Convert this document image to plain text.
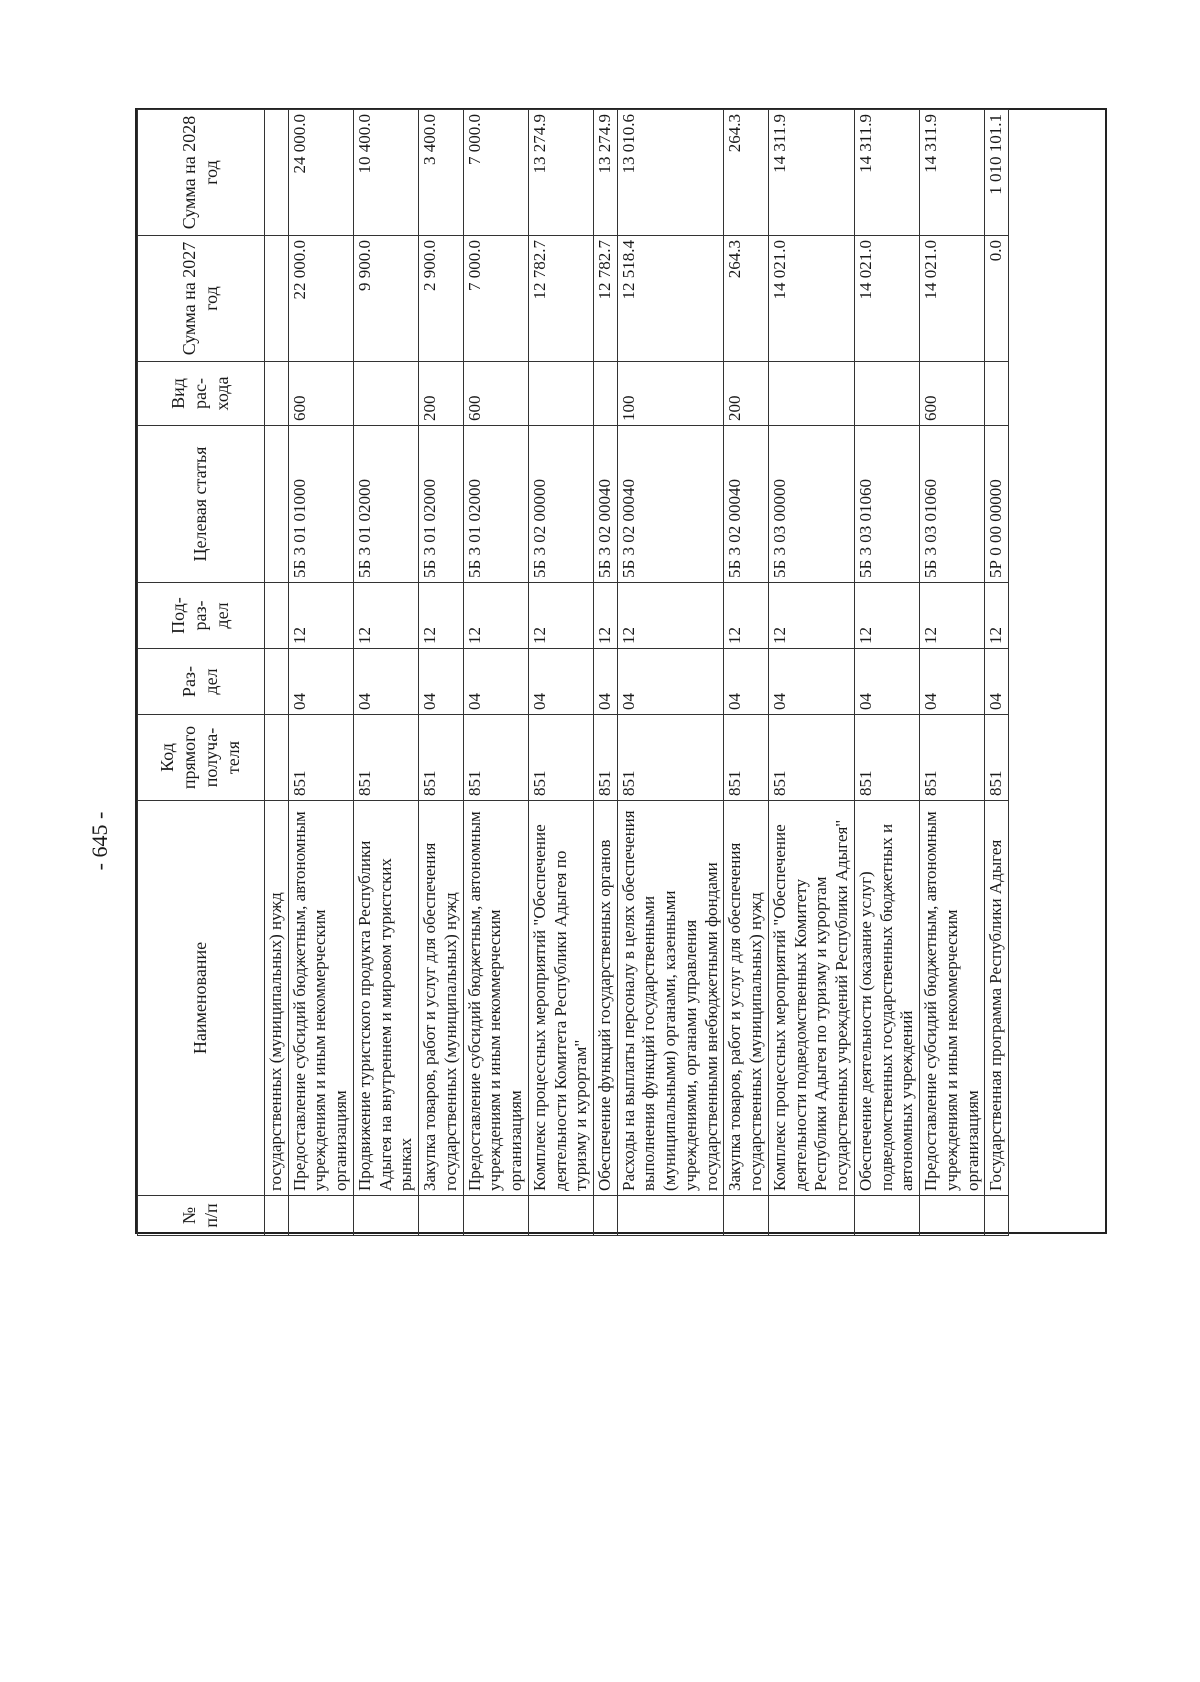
- 645 -
№ п/п	Наименование	Код прямого получа- теля	Раз- дел	Под- раз- дел	Целевая статья	Вид рас- хода	Сумма на 2027 год	Сумма на 2028 год
	государственных (муниципальных) нужд							
	Предоставление субсидий бюджетным, автономным учреждениям и иным некоммерческим организациям	851	04	12	5Б 3 01 01000	600	22 000.0	24 000.0
	Продвижение туристского продукта Республики Адыгея на внутреннем и мировом туристских рынках	851	04	12	5Б 3 01 02000		9 900.0	10 400.0
	Закупка товаров, работ и услуг для обеспечения государственных (муниципальных) нужд	851	04	12	5Б 3 01 02000	200	2 900.0	3 400.0
	Предоставление субсидий бюджетным, автономным учреждениям и иным некоммерческим организациям	851	04	12	5Б 3 01 02000	600	7 000.0	7 000.0
	Комплекс процессных мероприятий "Обеспечение деятельности Комитета Республики Адыгея по туризму и курортам"	851	04	12	5Б 3 02 00000		12 782.7	13 274.9
	Обеспечение функций государственных органов	851	04	12	5Б 3 02 00040		12 782.7	13 274.9
	Расходы на выплаты персоналу в целях обеспечения выполнения функций государственными (муниципальными) органами, казенными учреждениями, органами управления государственными внебюджетными фондами	851	04	12	5Б 3 02 00040	100	12 518.4	13 010.6
	Закупка товаров, работ и услуг для обеспечения государственных (муниципальных) нужд	851	04	12	5Б 3 02 00040	200	264.3	264.3
	Комплекс процессных мероприятий "Обеспечение деятельности подведомственных Комитету Республики Адыгея по туризму и курортам государственных учреждений Республики Адыгея"	851	04	12	5Б 3 03 00000		14 021.0	14 311.9
	Обеспечение деятельности (оказание услуг) подведомственных государственных бюджетных и автономных учреждений	851	04	12	5Б 3 03 01060		14 021.0	14 311.9
	Предоставление субсидий бюджетным, автономным учреждениям и иным некоммерческим организациям	851	04	12	5Б 3 03 01060	600	14 021.0	14 311.9
	Государственная программа Республики Адыгея	851	04	12	5Р 0 00 00000		0.0	1 010 101.1
